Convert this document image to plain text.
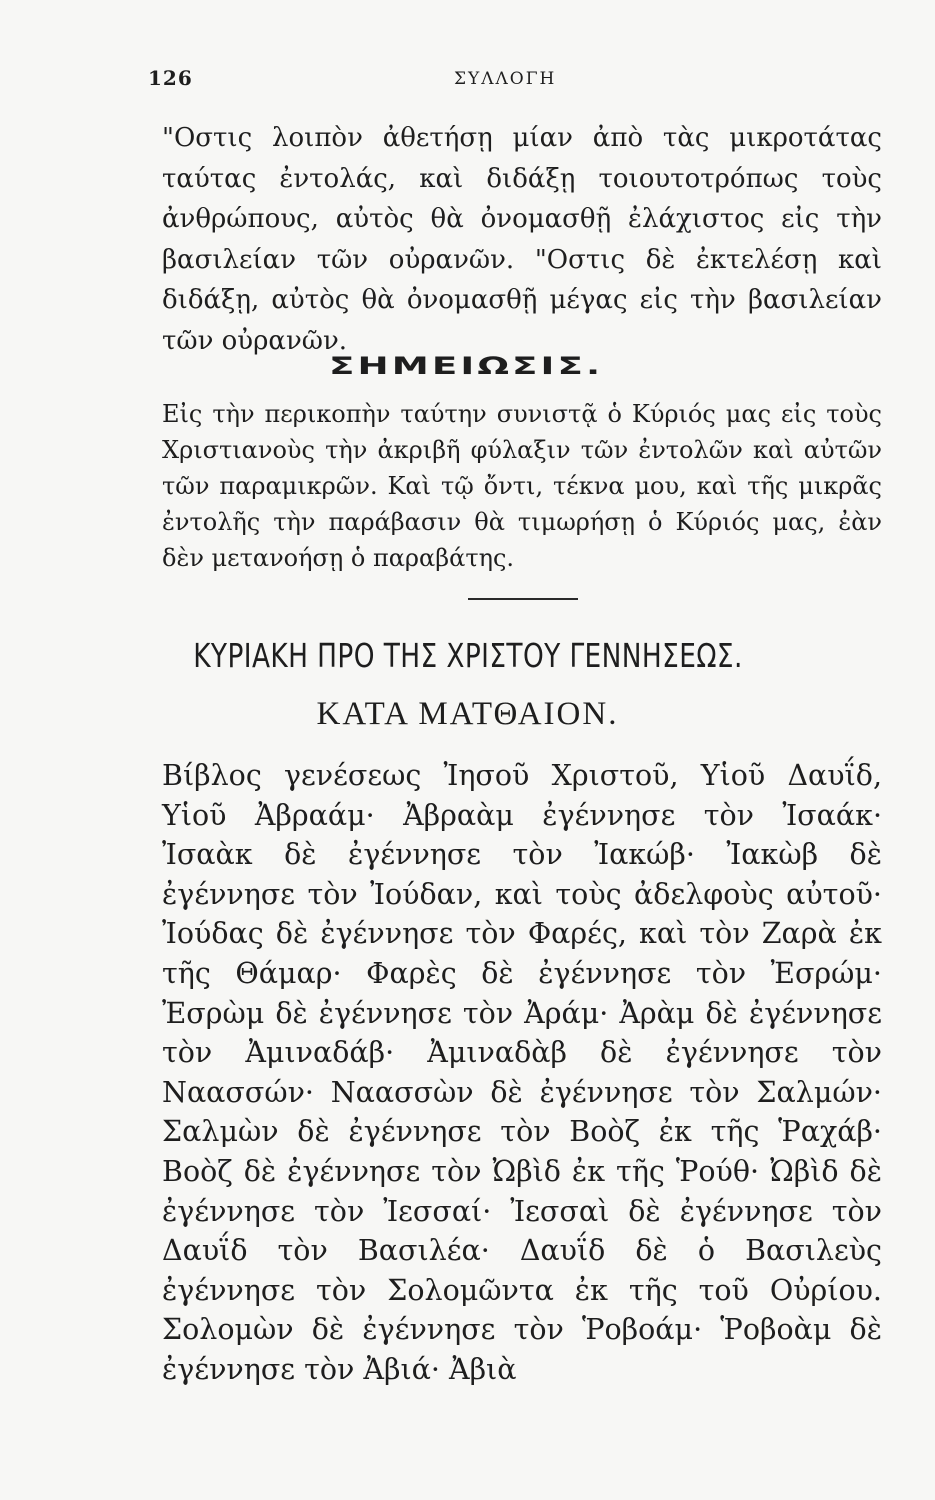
126	ΣΥΛΛΟΓΗ

"Οστις λοιπὸν ἀθετήσῃ μίαν ἀπὸ τὰς μικροτάτας ταύτας ἐντολάς, καὶ διδάξῃ τοιουτοτρόπως τοὺς ἀνθρώπους, αὐτὸς θὰ ὀνομασθῇ ἐλάχιστος εἰς τὴν βασιλείαν τῶν οὐρανῶν. "Οστις δὲ ἐκτελέσῃ καὶ διδάξῃ, αὐτὸς θὰ ὀνομασθῇ μέγας εἰς τὴν βασιλείαν τῶν οὐρανῶν.

ΣΗΜΕΙΩΣΙΣ.

Εἰς τὴν περικοπὴν ταύτην συνιστᾷ ὁ Κύριός μας εἰς τοὺς Χριστιανοὺς τὴν ἀκριβῆ φύλαξιν τῶν ἐντολῶν καὶ αὐτῶν τῶν παραμικρῶν. Καὶ τῷ ὄντι, τέκνα μου, καὶ τῆς μικρᾶς ἐντολῆς τὴν παράβασιν θὰ τιμωρήσῃ ὁ Κύριός μας, ἐὰν δὲν μετανοήσῃ ὁ παραβάτης.

ΚΥΡΙΑΚΗ ΠΡΟ ΤΗΣ ΧΡΙΣΤΟΥ ΓΕΝΝΗΣΕΩΣ.
ΚΑΤΑ ΜΑΤΘΑΙΟΝ.

Βίβλος γενέσεως Ἰησοῦ Χριστοῦ, Υἱοῦ Δαυΐδ, Υἱοῦ Ἀβραάμ· Ἀβραὰμ ἐγέννησε τὸν Ἰσαάκ· Ἰσαὰκ δὲ ἐγέννησε τὸν Ἰακώβ· Ἰακὼβ δὲ ἐγέννησε τὸν Ἰούδαν, καὶ τοὺς ἀδελφοὺς αὐτοῦ· Ἰούδας δὲ ἐγέννησε τὸν Φαρές, καὶ τὸν Ζαρὰ ἐκ τῆς Θάμαρ· Φαρὲς δὲ ἐγέννησε τὸν Ἐσρώμ· Ἐσρὼμ δὲ ἐγέννησε τὸν Ἀράμ· Ἀρὰμ δὲ ἐγέννησε τὸν Ἀμιναδάβ· Ἀμιναδὰβ δὲ ἐγέννησε τὸν Ναασσών· Ναασσὼν δὲ ἐγέννησε τὸν Σαλμών· Σαλμὼν δὲ ἐγέννησε τὸν Βοὸζ ἐκ τῆς Ῥαχάβ· Βοὸζ δὲ ἐγέννησε τὸν Ὠβὶδ ἐκ τῆς Ῥούθ· Ὠβὶδ δὲ ἐγέννησε τὸν Ἰεσσαί· Ἰεσσαὶ δὲ ἐγέννησε τὸν Δαυΐδ τὸν Βασιλέα· Δαυΐδ δὲ ὁ Βασιλεὺς ἐγέννησε τὸν Σολομῶντα ἐκ τῆς τοῦ Οὐρίου. Σολομὼν δὲ ἐγέννησε τὸν Ῥοβοάμ· Ῥοβοὰμ δὲ ἐγέννησε τὸν Ἀβιά· Ἀβιὰ
